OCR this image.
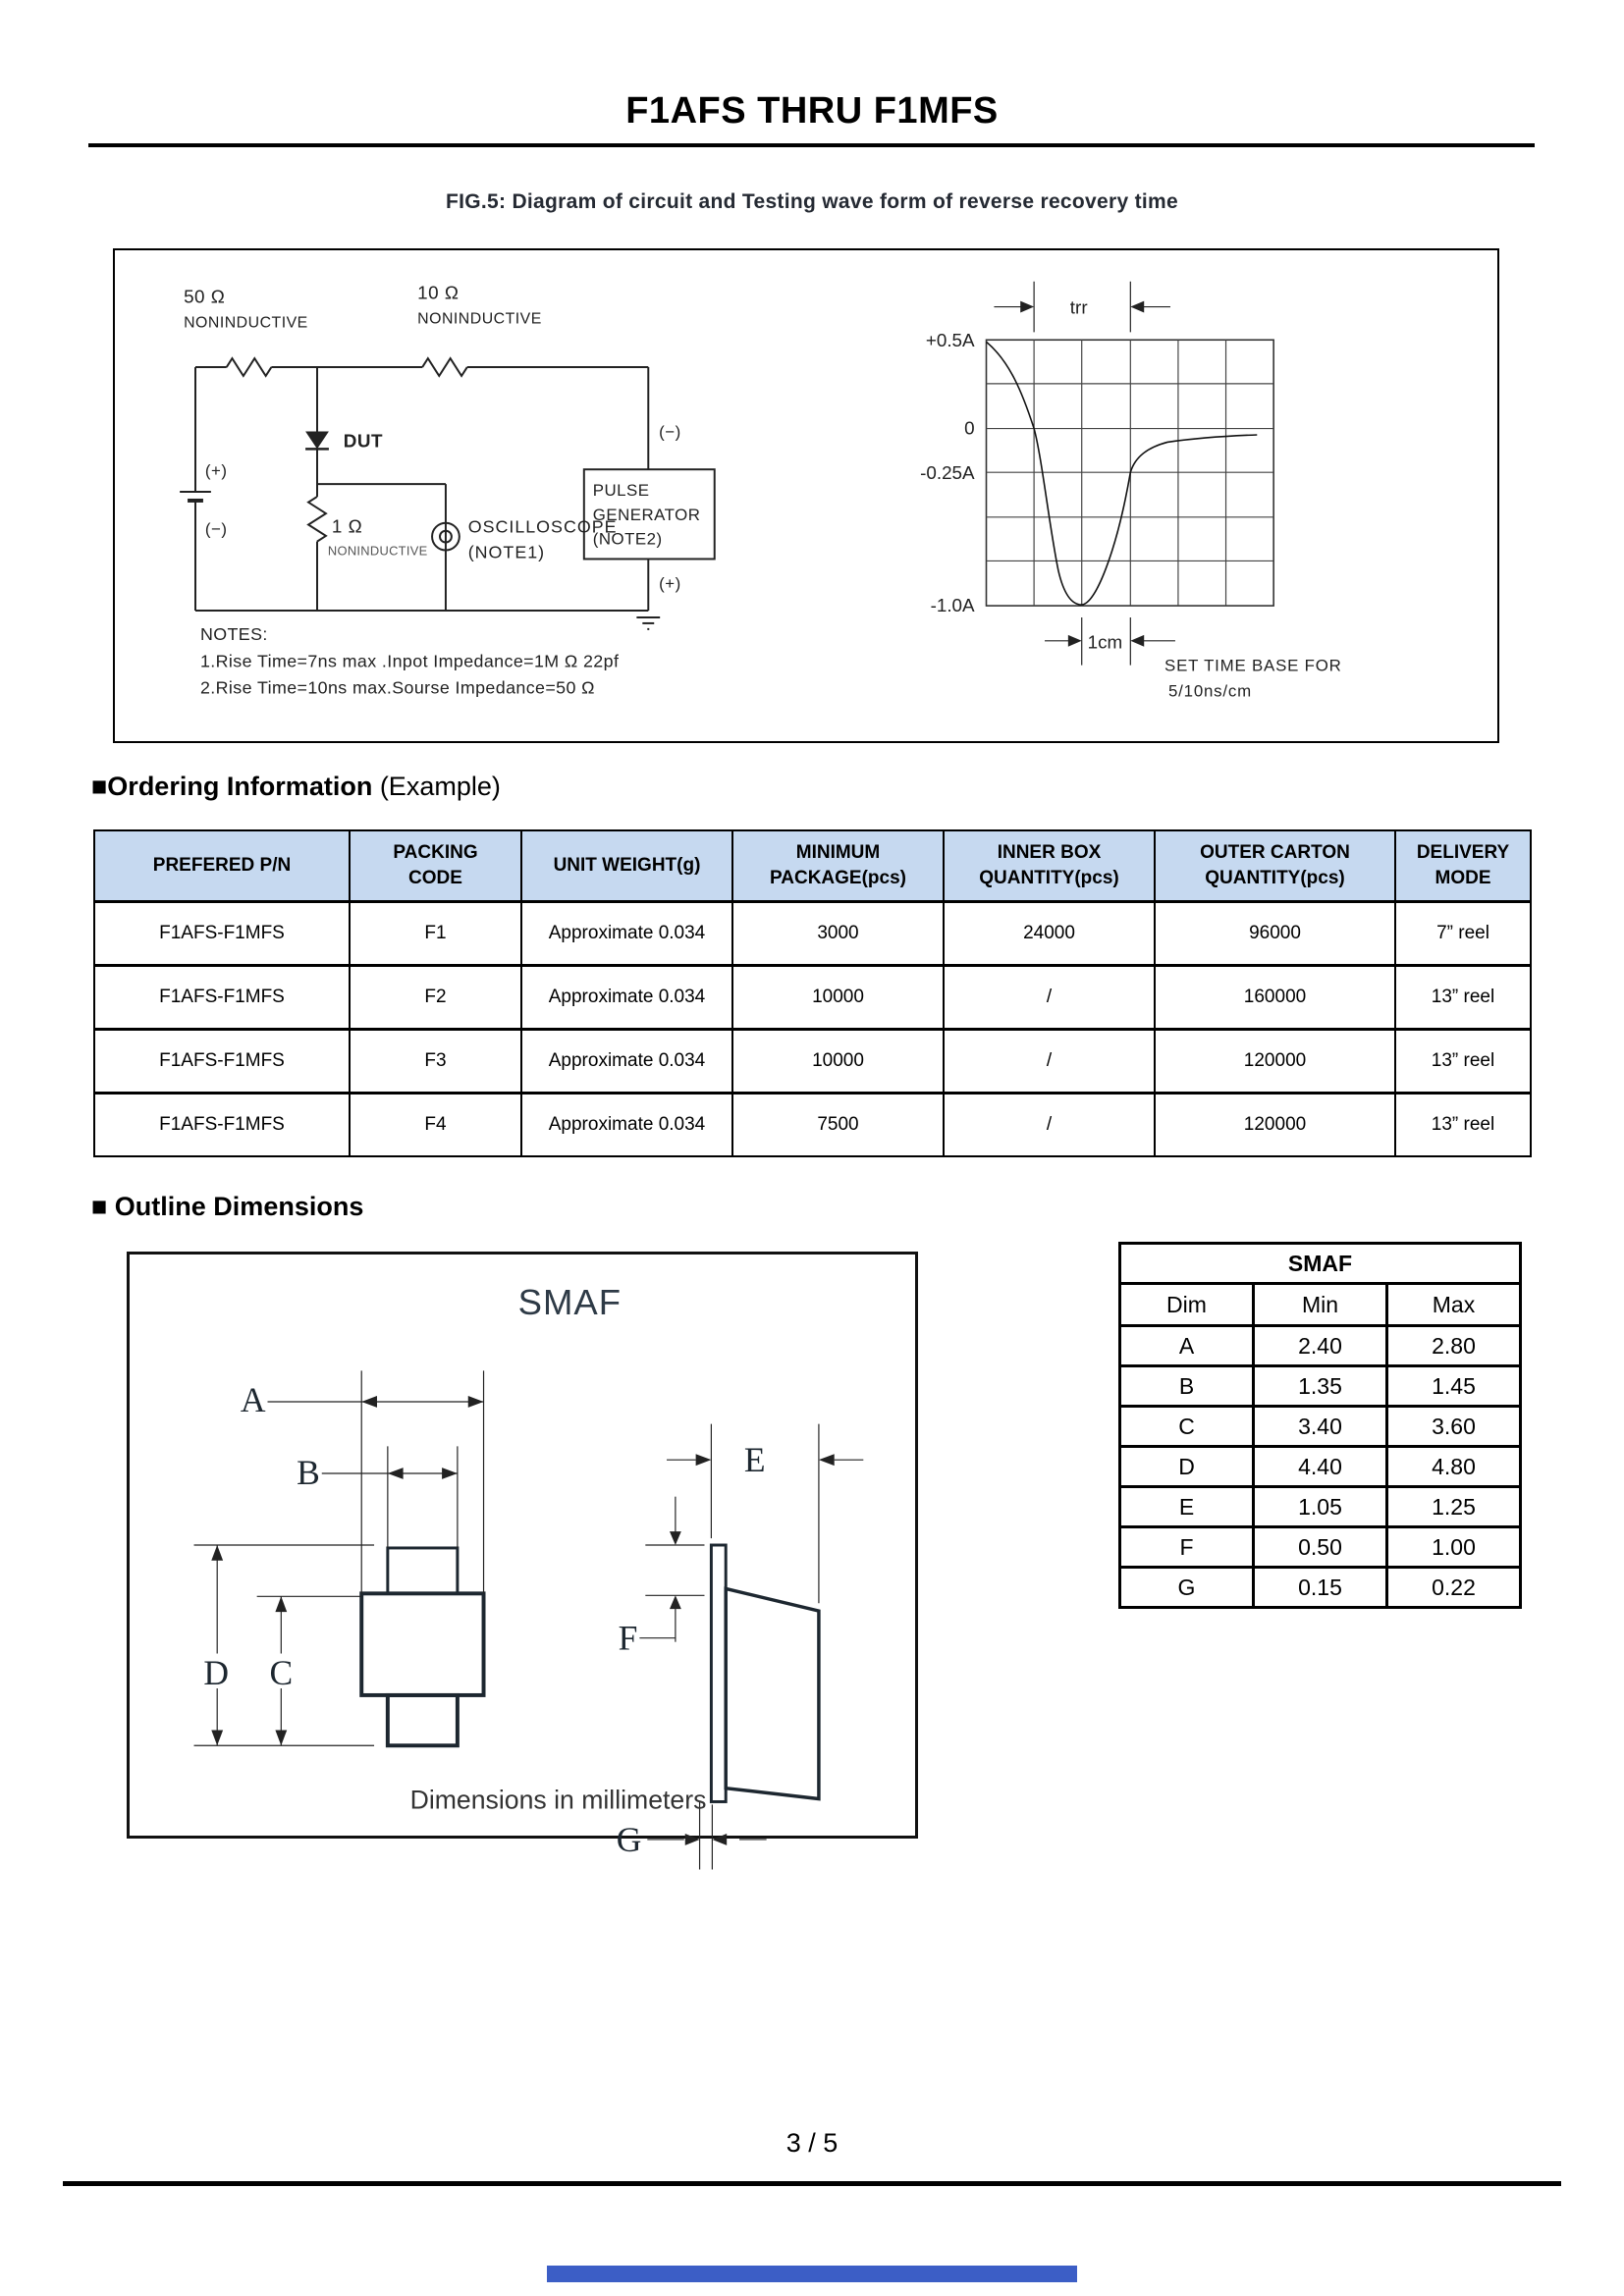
F1AFS THRU F1MFS
FIG.5: Diagram of circuit and Testing wave form of reverse recovery time
50 Ω
NONINDUCTIVE
10 Ω
NONINDUCTIVE
(+)
(−)
DUT
1 Ω
NONINDUCTIVE
(−)
PULSE
GENERATOR
(NOTE2)
OSCILLOSCOPE
(NOTE1)
(+)
NOTES:
1.Rise Time=7ns max .Inpot Impedance=1M Ω 22pf
2.Rise Time=10ns max.Sourse Impedance=50 Ω
trr
+0.5A
0
-0.25A
-1.0A
1cm
SET TIME BASE FOR
5/10ns/cm
■Ordering Information (Example)
PREFERED P/N	PACKING
CODE	UNIT WEIGHT(g)	MINIMUM
PACKAGE(pcs)	INNER BOX
QUANTITY(pcs)	OUTER CARTON
QUANTITY(pcs)	DELIVERY
MODE
F1AFS-F1MFS	F1	Approximate 0.034	3000	24000	96000	7” reel
F1AFS-F1MFS	F2	Approximate 0.034	10000	/	160000	13” reel
F1AFS-F1MFS	F3	Approximate 0.034	10000	/	120000	13” reel
F1AFS-F1MFS	F4	Approximate 0.034	7500	/	120000	13” reel
■ Outline Dimensions
SMAF
A
B
D C
E
F
G
Dimensions in millimeters
SMAF		
Dim	Min	Max
A	2.40	2.80
B	1.35	1.45
C	3.40	3.60
D	4.40	4.80
E	1.05	1.25
F	0.50	1.00
G	0.15	0.22
3 / 5
